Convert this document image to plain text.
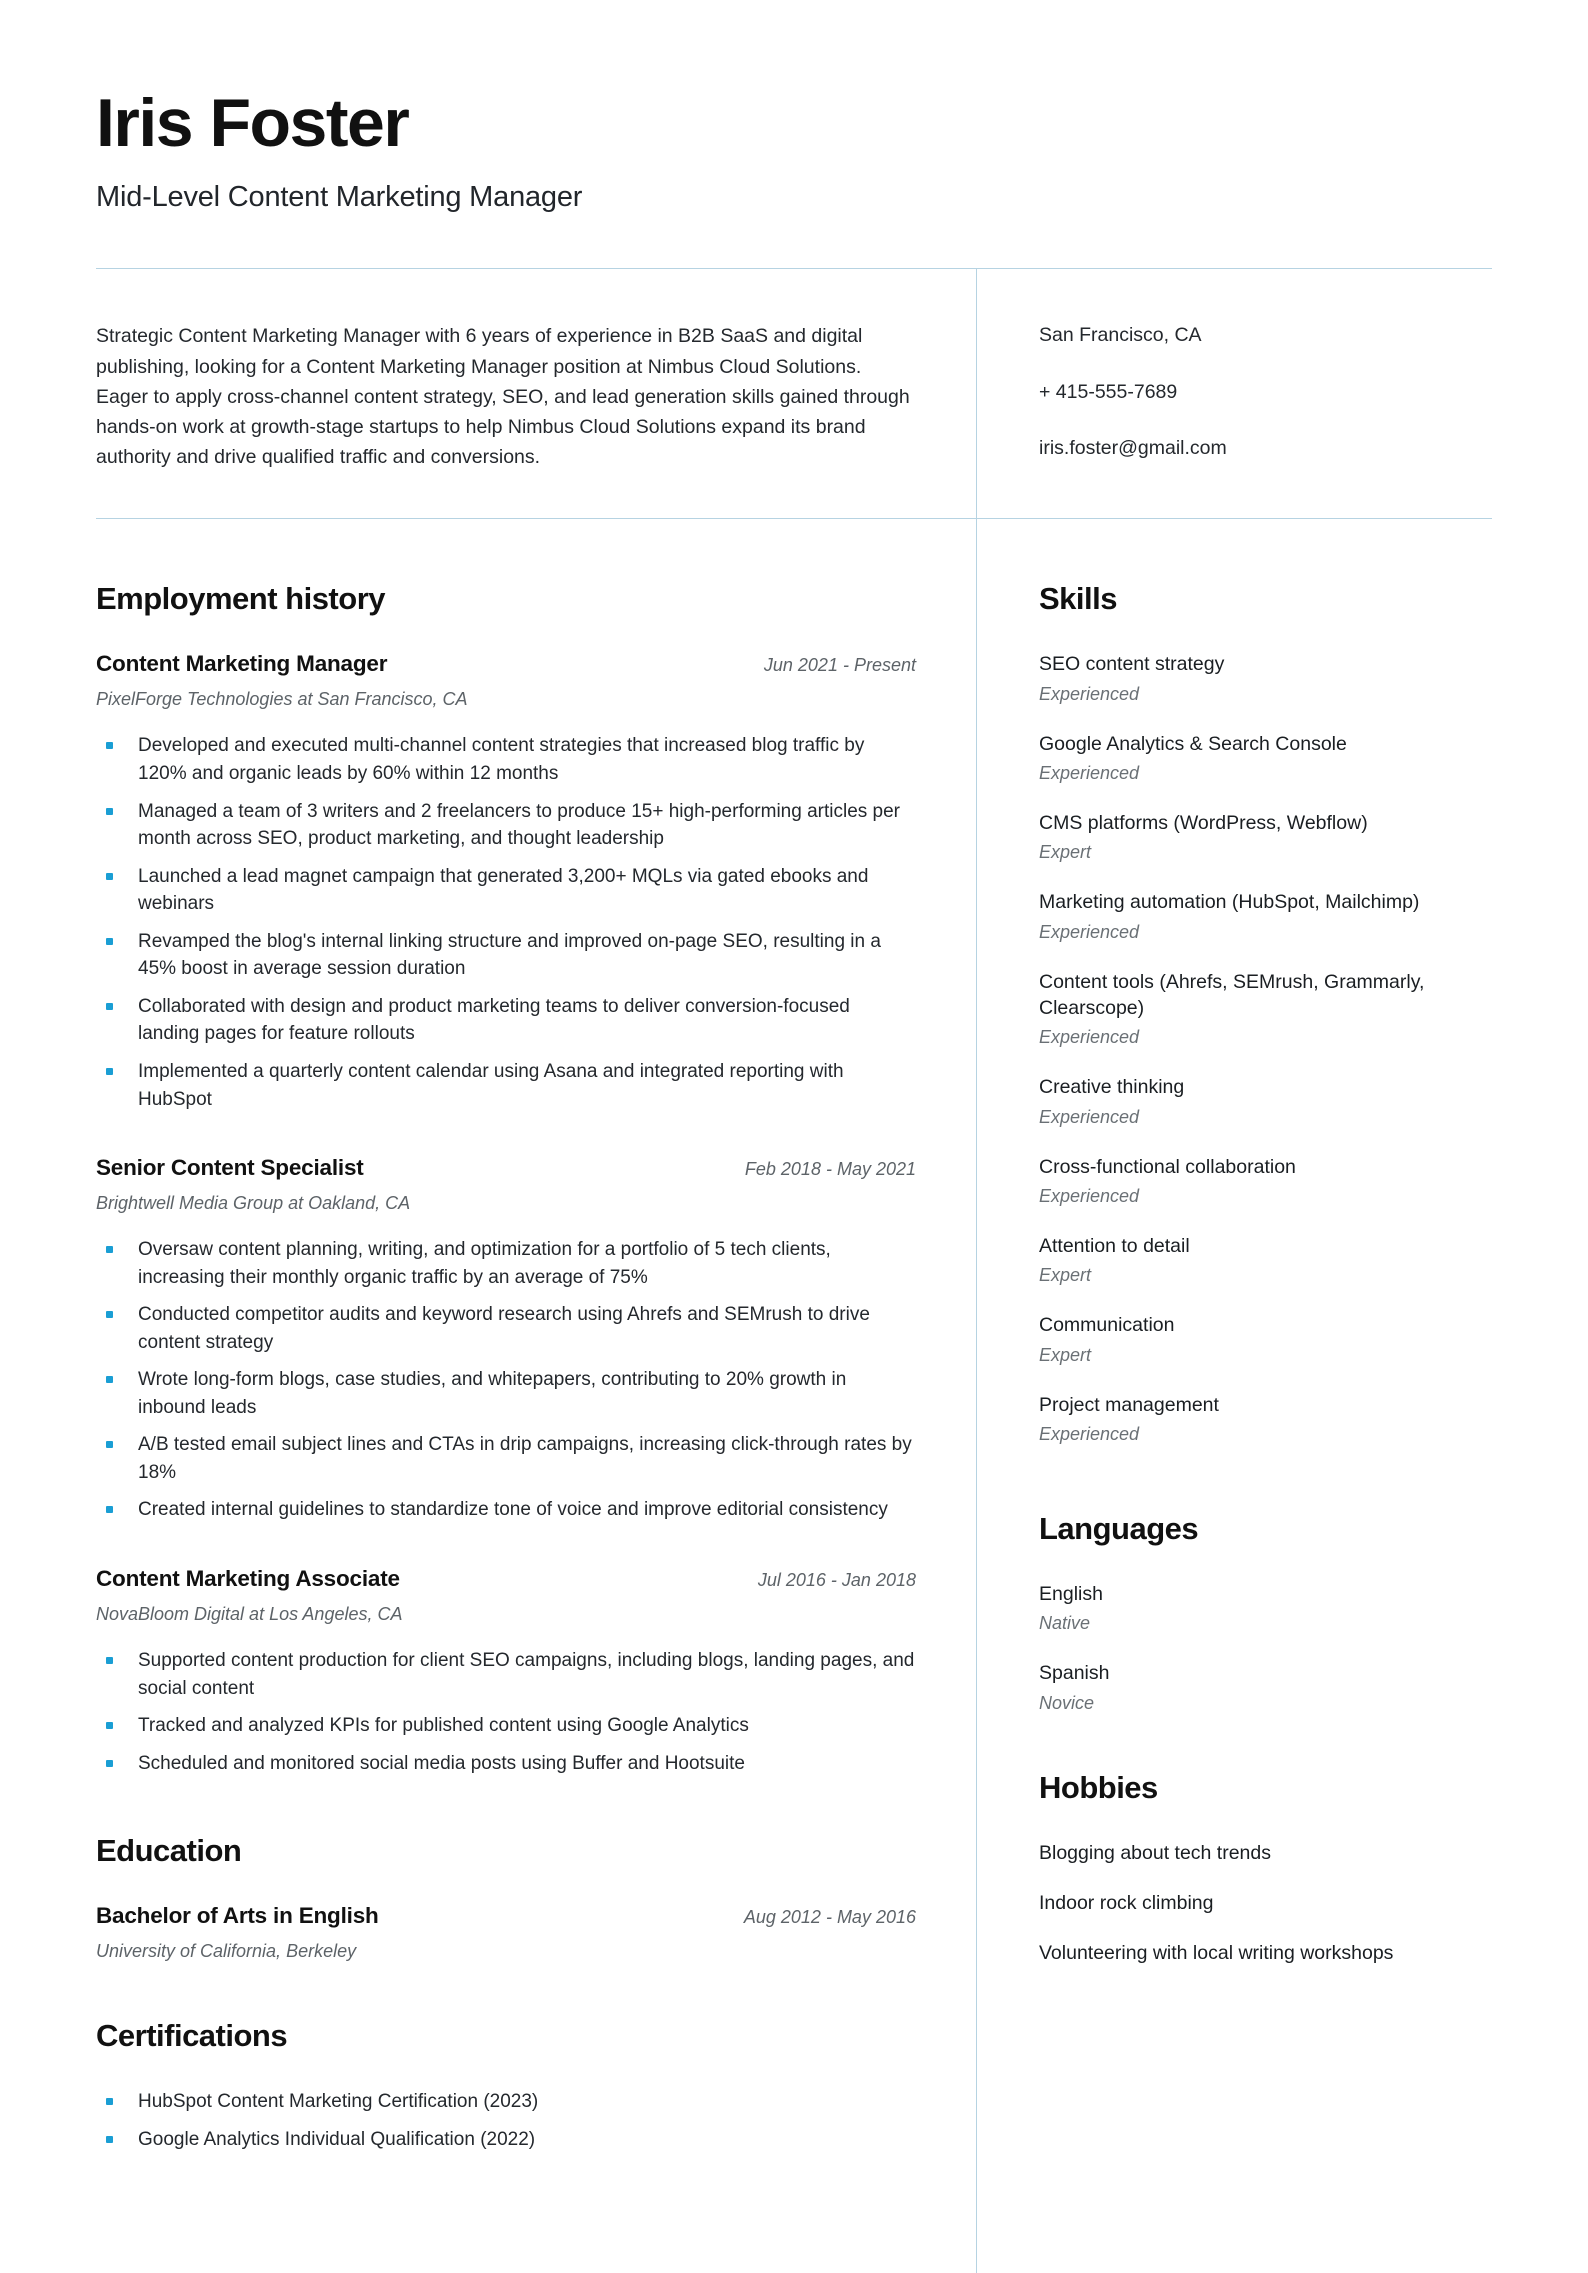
Iris Foster
Mid-Level Content Marketing Manager

Strategic Content Marketing Manager with 6 years of experience in B2B SaaS and digital publishing, looking for a Content Marketing Manager position at Nimbus Cloud Solutions. Eager to apply cross-channel content strategy, SEO, and lead generation skills gained through hands-on work at growth-stage startups to help Nimbus Cloud Solutions expand its brand authority and drive qualified traffic and conversions.

San Francisco, CA
+ 415-555-7689
iris.foster@gmail.com
Employment history
Content Marketing Manager	Jun 2021 - Present
PixelForge Technologies at San Francisco, CA
Developed and executed multi-channel content strategies that increased blog traffic by 120% and organic leads by 60% within 12 months
Managed a team of 3 writers and 2 freelancers to produce 15+ high-performing articles per month across SEO, product marketing, and thought leadership
Launched a lead magnet campaign that generated 3,200+ MQLs via gated ebooks and webinars
Revamped the blog's internal linking structure and improved on-page SEO, resulting in a 45% boost in average session duration
Collaborated with design and product marketing teams to deliver conversion-focused landing pages for feature rollouts
Implemented a quarterly content calendar using Asana and integrated reporting with HubSpot
Senior Content Specialist	Feb 2018 - May 2021
Brightwell Media Group at Oakland, CA
Oversaw content planning, writing, and optimization for a portfolio of 5 tech clients, increasing their monthly organic traffic by an average of 75%
Conducted competitor audits and keyword research using Ahrefs and SEMrush to drive content strategy
Wrote long-form blogs, case studies, and whitepapers, contributing to 20% growth in inbound leads
A/B tested email subject lines and CTAs in drip campaigns, increasing click-through rates by 18%
Created internal guidelines to standardize tone of voice and improve editorial consistency
Content Marketing Associate	Jul 2016 - Jan 2018
NovaBloom Digital at Los Angeles, CA
Supported content production for client SEO campaigns, including blogs, landing pages, and social content
Tracked and analyzed KPIs for published content using Google Analytics
Scheduled and monitored social media posts using Buffer and Hootsuite
Education
Bachelor of Arts in English	Aug 2012 - May 2016
University of California, Berkeley
Certifications
HubSpot Content Marketing Certification (2023)
Google Analytics Individual Qualification (2022)
Skills
SEO content strategy
Experienced
Google Analytics & Search Console
Experienced
CMS platforms (WordPress, Webflow)
Expert
Marketing automation (HubSpot, Mailchimp)
Experienced
Content tools (Ahrefs, SEMrush, Grammarly, Clearscope)
Experienced
Creative thinking
Experienced
Cross-functional collaboration
Experienced
Attention to detail
Expert
Communication
Expert
Project management
Experienced
Languages
English
Native
Spanish
Novice
Hobbies
Blogging about tech trends
Indoor rock climbing
Volunteering with local writing workshops
